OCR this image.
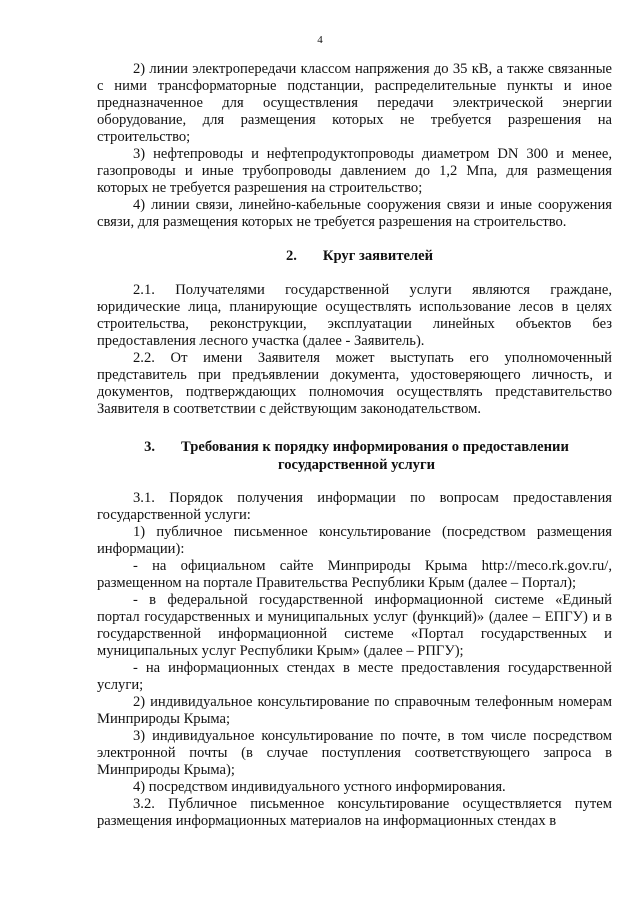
4

2) линии электропередачи классом напряжения до 35 кВ, а также связанные с ними трансформаторные подстанции, распределительные пункты и иное предназначенное для осуществления передачи электрической энергии оборудование, для размещения которых не требуется разрешения на строительство;

3) нефтепроводы и нефтепродуктопроводы диаметром DN 300 и менее, газопроводы и иные трубопроводы давлением до 1,2 Мпа, для размещения которых не требуется разрешения на строительство;

4) линии связи, линейно-кабельные сооружения связи и иные сооружения связи, для размещения которых не требуется разрешения на строительство.

2. Круг заявителей

2.1. Получателями государственной услуги являются граждане, юридические лица, планирующие осуществлять использование лесов в целях строительства, реконструкции, эксплуатации линейных объектов без предоставления лесного участка (далее - Заявитель).

2.2. От имени Заявителя может выступать его уполномоченный представитель при предъявлении документа, удостоверяющего личность, и документов, подтверждающих полномочия осуществлять представительство Заявителя в соответствии с действующим законодательством.

3. Требования к порядку информирования о предоставлении государственной услуги

3.1. Порядок получения информации по вопросам предоставления государственной услуги:

1) публичное письменное консультирование (посредством размещения информации):

- на официальном сайте Минприроды Крыма http://meco.rk.gov.ru/, размещенном на портале Правительства Республики Крым (далее – Портал);

- в федеральной государственной информационной системе «Единый портал государственных и муниципальных услуг (функций)» (далее – ЕПГУ) и в государственной информационной системе «Портал государственных и муниципальных услуг Республики Крым» (далее – РПГУ);

- на информационных стендах в месте предоставления государственной услуги;

2) индивидуальное консультирование по справочным телефонным номерам Минприроды Крыма;

3) индивидуальное консультирование по почте, в том числе посредством электронной почты (в случае поступления соответствующего запроса в Минприроды Крыма);

4) посредством индивидуального устного информирования.

3.2. Публичное письменное консультирование осуществляется путем размещения информационных материалов на информационных стендах в
